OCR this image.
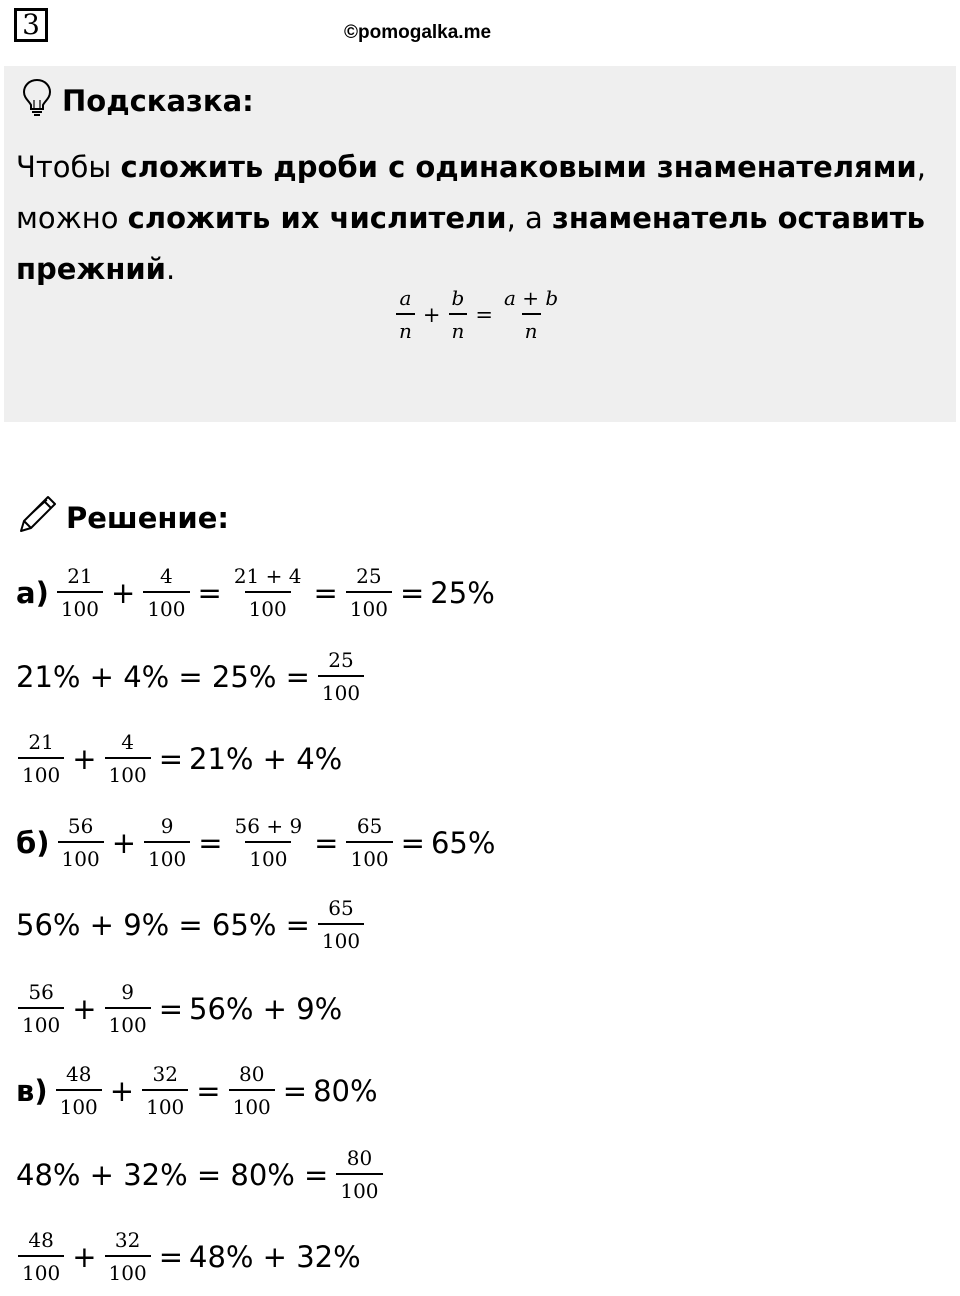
3	©pomogalka.me
Подсказка:
Чтобы сложить дроби с одинаковыми знаменателями, можно сложить их числители, а знаменатель оставить прежний.
$\frac{a}{n} + \frac{b}{n} = \frac{a + b}{n}$
Решение:
$а) \frac{21}{100} + \frac{4}{100} = \frac{21 + 4}{100} = \frac{25}{100} = 25\%$
$21\% + 4\% = 25\% = \frac{25}{100}$
$\frac{21}{100} + \frac{4}{100} = 21\% + 4\%$
$б) \frac{56}{100} + \frac{9}{100} = \frac{56 + 9}{100} = \frac{65}{100} = 65\%$
$56\% + 9\% = 65\% = \frac{65}{100}$
$\frac{56}{100} + \frac{9}{100} = 56\% + 9\%$
$в) \frac{48}{100} + \frac{32}{100} = \frac{80}{100} = 80\%$
$48\% + 32\% = 80\% = \frac{80}{100}$
$\frac{48}{100} + \frac{32}{100} = 48\% + 32\%$
